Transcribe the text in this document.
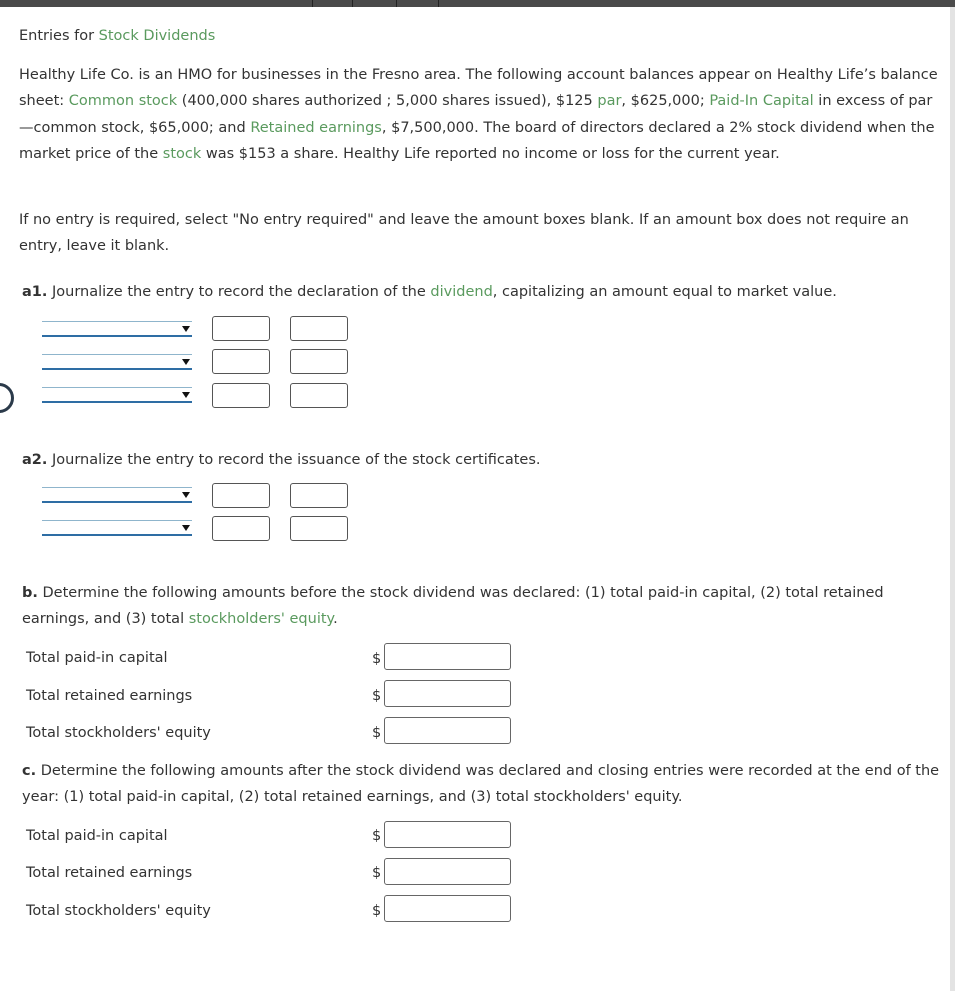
Entries for Stock Dividends
Healthy Life Co. is an HMO for businesses in the Fresno area. The following account balances appear on Healthy Life’s balance sheet: Common stock (400,000 shares authorized ; 5,000 shares issued), $125 par, $625,000; Paid-In Capital in excess of par—common stock, $65,000; and Retained earnings, $7,500,000. The board of directors declared a 2% stock dividend when the market price of the stock was $153 a share. Healthy Life reported no income or loss for the current year.
If no entry is required, select "No entry required" and leave the amount boxes blank. If an amount box does not require an entry, leave it blank.
a1. Journalize the entry to record the declaration of the dividend, capitalizing an amount equal to market value.
a2. Journalize the entry to record the issuance of the stock certificates.
b. Determine the following amounts before the stock dividend was declared: (1) total paid-in capital, (2) total retained earnings, and (3) total stockholders' equity.
Total paid-in capital	$
Total retained earnings	$
Total stockholders' equity	$
c. Determine the following amounts after the stock dividend was declared and closing entries were recorded at the end of the year: (1) total paid-in capital, (2) total retained earnings, and (3) total stockholders' equity.
Total paid-in capital	$
Total retained earnings	$
Total stockholders' equity	$
